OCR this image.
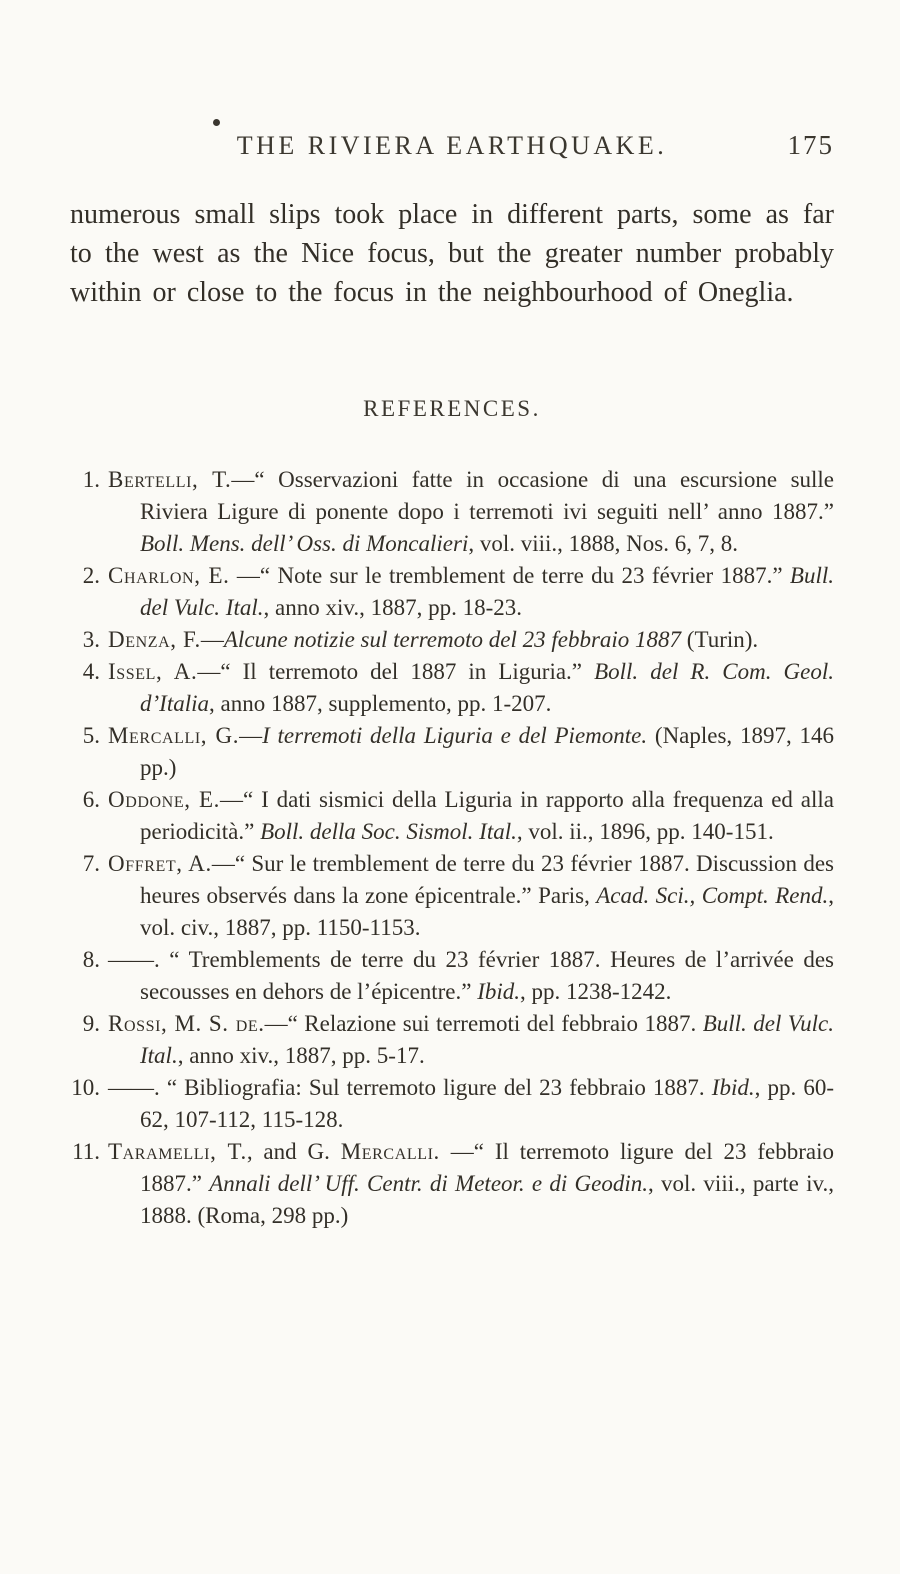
THE RIVIERA EARTHQUAKE.	175

numerous small slips took place in different parts, some as far to the west as the Nice focus, but the greater number probably within or close to the focus in the neighbourhood of Oneglia.

REFERENCES.
1. Bertelli, T.—“ Osservazioni fatte in occasione di una escursione sulle Riviera Ligure di ponente dopo i terremoti ivi seguiti nell’ anno 1887.” Boll. Mens. dell’ Oss. di Moncalieri, vol. viii., 1888, Nos. 6, 7, 8.
2. Charlon, E. —“ Note sur le tremblement de terre du 23 février 1887.” Bull. del Vulc. Ital., anno xiv., 1887, pp. 18-23.
3. Denza, F.—Alcune notizie sul terremoto del 23 febbraio 1887 (Turin).
4. Issel, A.—“ Il terremoto del 1887 in Liguria.” Boll. del R. Com. Geol. d’Italia, anno 1887, supplemento, pp. 1-207.
5. Mercalli, G.—I terremoti della Liguria e del Piemonte. (Naples, 1897, 146 pp.)
6. Oddone, E.—“ I dati sismici della Liguria in rapporto alla frequenza ed alla periodicità.” Boll. della Soc. Sismol. Ital., vol. ii., 1896, pp. 140-151.
7. Offret, A.—“ Sur le tremblement de terre du 23 février 1887. Discussion des heures observés dans la zone épicentrale.” Paris, Acad. Sci., Compt. Rend., vol. civ., 1887, pp. 1150-1153.
8. ——. “ Tremblements de terre du 23 février 1887. Heures de l’arrivée des secousses en dehors de l’épicentre.” Ibid., pp. 1238-1242.
9. Rossi, M. S. de.—“ Relazione sui terremoti del febbraio 1887. Bull. del Vulc. Ital., anno xiv., 1887, pp. 5-17.
10. ——. “ Bibliografia: Sul terremoto ligure del 23 febbraio 1887. Ibid., pp. 60-62, 107-112, 115-128.
11. Taramelli, T., and G. Mercalli. —“ Il terremoto ligure del 23 febbraio 1887.” Annali dell’ Uff. Centr. di Meteor. e di Geodin., vol. viii., parte iv., 1888. (Roma, 298 pp.)
